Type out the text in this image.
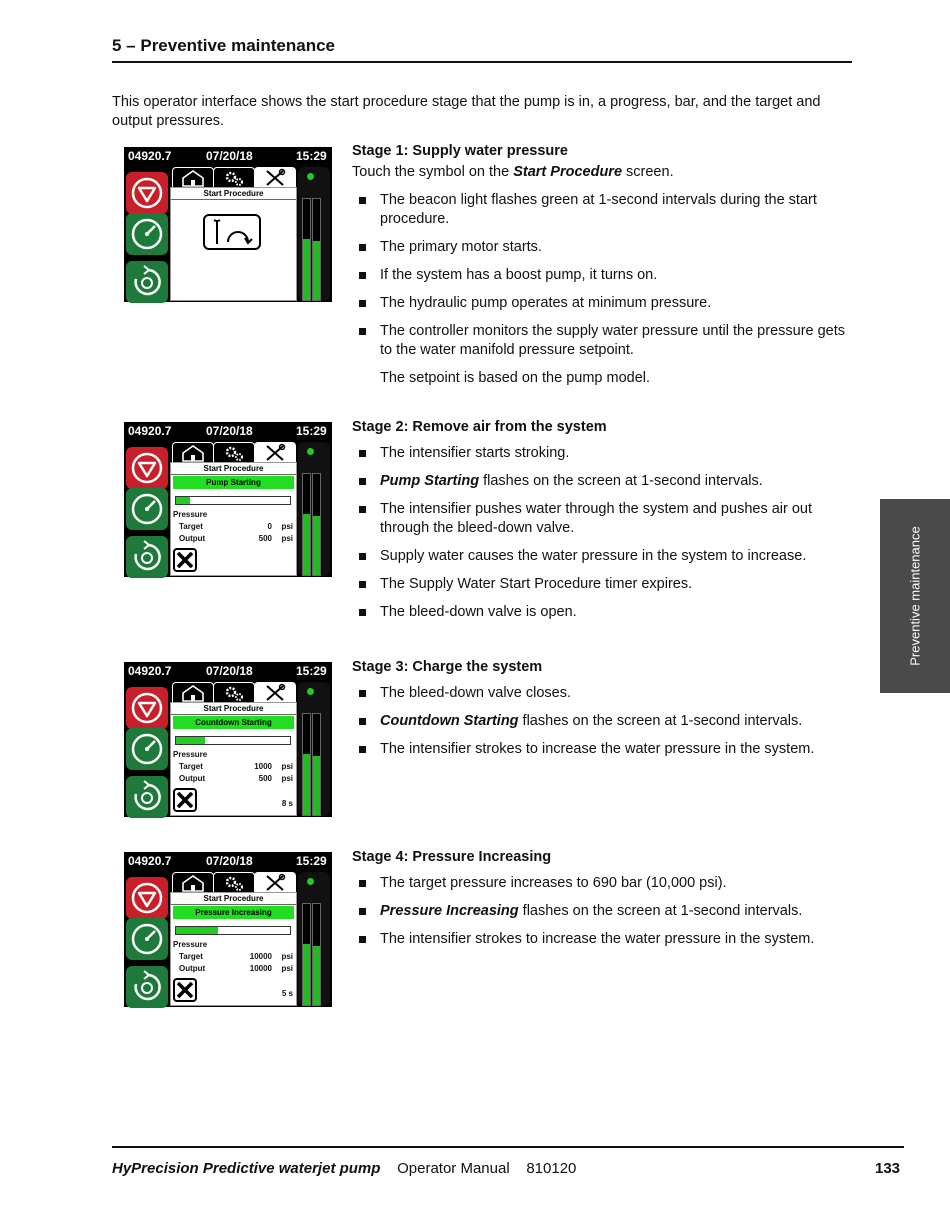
5 – Preventive maintenance
This operator interface shows the start procedure stage that the pump is in, a progress, bar, and the target and output pressures.
Preventive maintenance
Stage 1: Supply water pressure
Touch the symbol on the Start Procedure screen.
The beacon light flashes green at 1-second intervals during the start procedure.
The primary motor starts.
If the system has a boost pump, it turns on.
The hydraulic pump operates at minimum pressure.
The controller monitors the supply water pressure until the pressure gets to the water manifold pressure setpoint.
The setpoint is based on the pump model.
Stage 2: Remove air from the system
The intensifier starts stroking.
Pump Starting flashes on the screen at 1-second intervals.
The intensifier pushes water through the system and pushes air out through the bleed-down valve.
Supply water causes the water pressure in the system to increase.
The Supply Water Start Procedure timer expires.
The bleed-down valve is open.
Stage 3: Charge the system
The bleed-down valve closes.
Countdown Starting flashes on the screen at 1-second intervals.
The intensifier strokes to increase the water pressure in the system.
Stage 4: Pressure Increasing
The target pressure increases to 690 bar (10,000 psi).
Pressure Increasing flashes on the screen at 1-second intervals.
The intensifier strokes to increase the water pressure in the system.
04920.7	07/20/18	15:29
Start Procedure
04920.7	07/20/18	15:29
Start Procedure
Pump Starting
Pressure
Target	0 psi
Output	500 psi
04920.7	07/20/18	15:29
Start Procedure
Countdown Starting
Pressure
Target	1000 psi
Output	500 psi
8 s
04920.7	07/20/18	15:29
Start Procedure
Pressure Increasing
Pressure
Target	10000 psi
Output	10000 psi
5 s
HyPrecision Predictive waterjet pump Operator Manual 810120	133
